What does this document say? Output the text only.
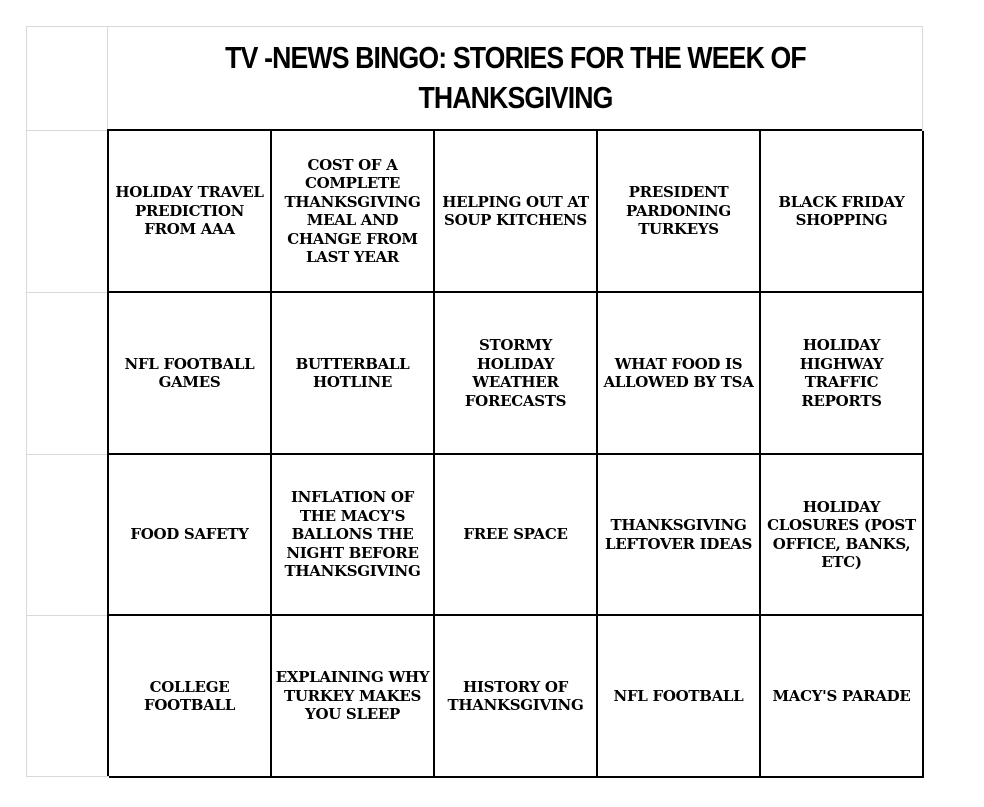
TV -NEWS BINGO: STORIES FOR THE WEEK OF THANKSGIVING
HOLIDAY TRAVEL PREDICTION FROM AAA
COST OF A COMPLETE THANKSGIVING MEAL AND CHANGE FROM LAST YEAR
HELPING OUT AT SOUP KITCHENS
PRESIDENT PARDONING TURKEYS
BLACK FRIDAY SHOPPING
NFL FOOTBALL GAMES
BUTTERBALL HOTLINE
STORMY HOLIDAY WEATHER FORECASTS
WHAT FOOD IS ALLOWED BY TSA
HOLIDAY HIGHWAY TRAFFIC REPORTS
FOOD SAFETY
INFLATION OF THE MACY'S BALLONS THE NIGHT BEFORE THANKSGIVING
FREE SPACE
THANKSGIVING LEFTOVER IDEAS
HOLIDAY CLOSURES (POST OFFICE, BANKS, ETC)
COLLEGE FOOTBALL
EXPLAINING WHY TURKEY MAKES YOU SLEEP
HISTORY OF THANKSGIVING
NFL FOOTBALL MACY'S PARADE
